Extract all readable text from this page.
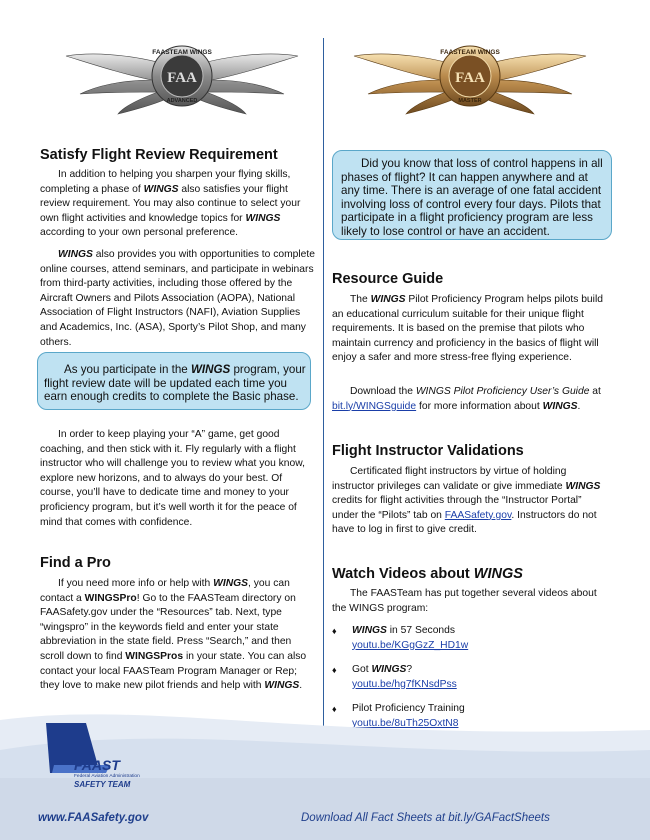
FAA
FAASTEAM WINGS
ADVANCED
FAA
FAASTEAM WINGS
MASTER
Satisfy Flight Review Requirement

In addition to helping you sharpen your flying skills, completing a phase of WINGS also satisfies your flight review requirement. You may also continue to select your own flight activities and knowledge topics for WINGS according to your own personal preference.

WINGS also provides you with opportunities to complete online courses, attend seminars, and participate in webinars from third-party activities, including those offered by the Aircraft Owners and Pilots Association (AOPA), National Association of Flight Instructors (NAFI), Aviation Supplies and Academics, Inc. (ASA), Sporty’s Pilot Shop, and many others.

As you participate in the WINGS program, your flight review date will be updated each time you earn enough credits to complete the Basic phase.

In order to keep playing your “A” game, get good coaching, and then stick with it. Fly regularly with a flight instructor who will challenge you to review what you know, explore new horizons, and to always do your best. Of course, you’ll have to dedicate time and money to your proficiency program, but it’s well worth it for the peace of mind that comes with confidence.

Find a Pro

If you need more info or help with WINGS, you can contact a WINGSPro! Go to the FAASTeam directory on FAASafety.gov under the “Resources” tab. Next, type “wingspro” in the keywords field and enter your state abbreviation in the state field. Press “Search,” and then scroll down to find WINGSPros in your state. You can also contact your local FAASTeam Program Manager or Rep; they love to make new pilot friends and help with WINGS.

Did you know that loss of control happens in all phases of flight? It can happen anywhere and at any time. There is an average of one fatal accident involving loss of control every four days. Pilots that participate in a flight proficiency program are less likely to lose control or have an accident.
Resource Guide

The WINGS Pilot Proficiency Program helps pilots build an educational curriculum suitable for their unique flight requirements. It is based on the premise that pilots who maintain currency and proficiency in the basics of flight will enjoy a safer and more stress-free flying experience.

Download the WINGS Pilot Proficiency User’s Guide at bit.ly/WINGSguide for more information about WINGS.

Flight Instructor Validations

Certificated flight instructors by virtue of holding instructor privileges can validate or give immediate WINGS credits for flight activities through the “Instructor Portal” under the “Pilots” tab on FAASafety.gov. Instructors do not have to log in first to give credit.

Watch Videos about WINGS

The FAASTeam has put together several videos about the WINGS program:

♦ WINGS in 57 Seconds
youtu.be/KGgGzZ_HD1w
♦ Got WINGS?
youtu.be/hg7fKNsdPss
♦ Pilot Proficiency Training
youtu.be/8uTh25OxtN8
FAAST
Federal Aviation Administration
SAFETY TEAM
www.FAASafety.gov	Download All Fact Sheets at bit.ly/GAFactSheets
